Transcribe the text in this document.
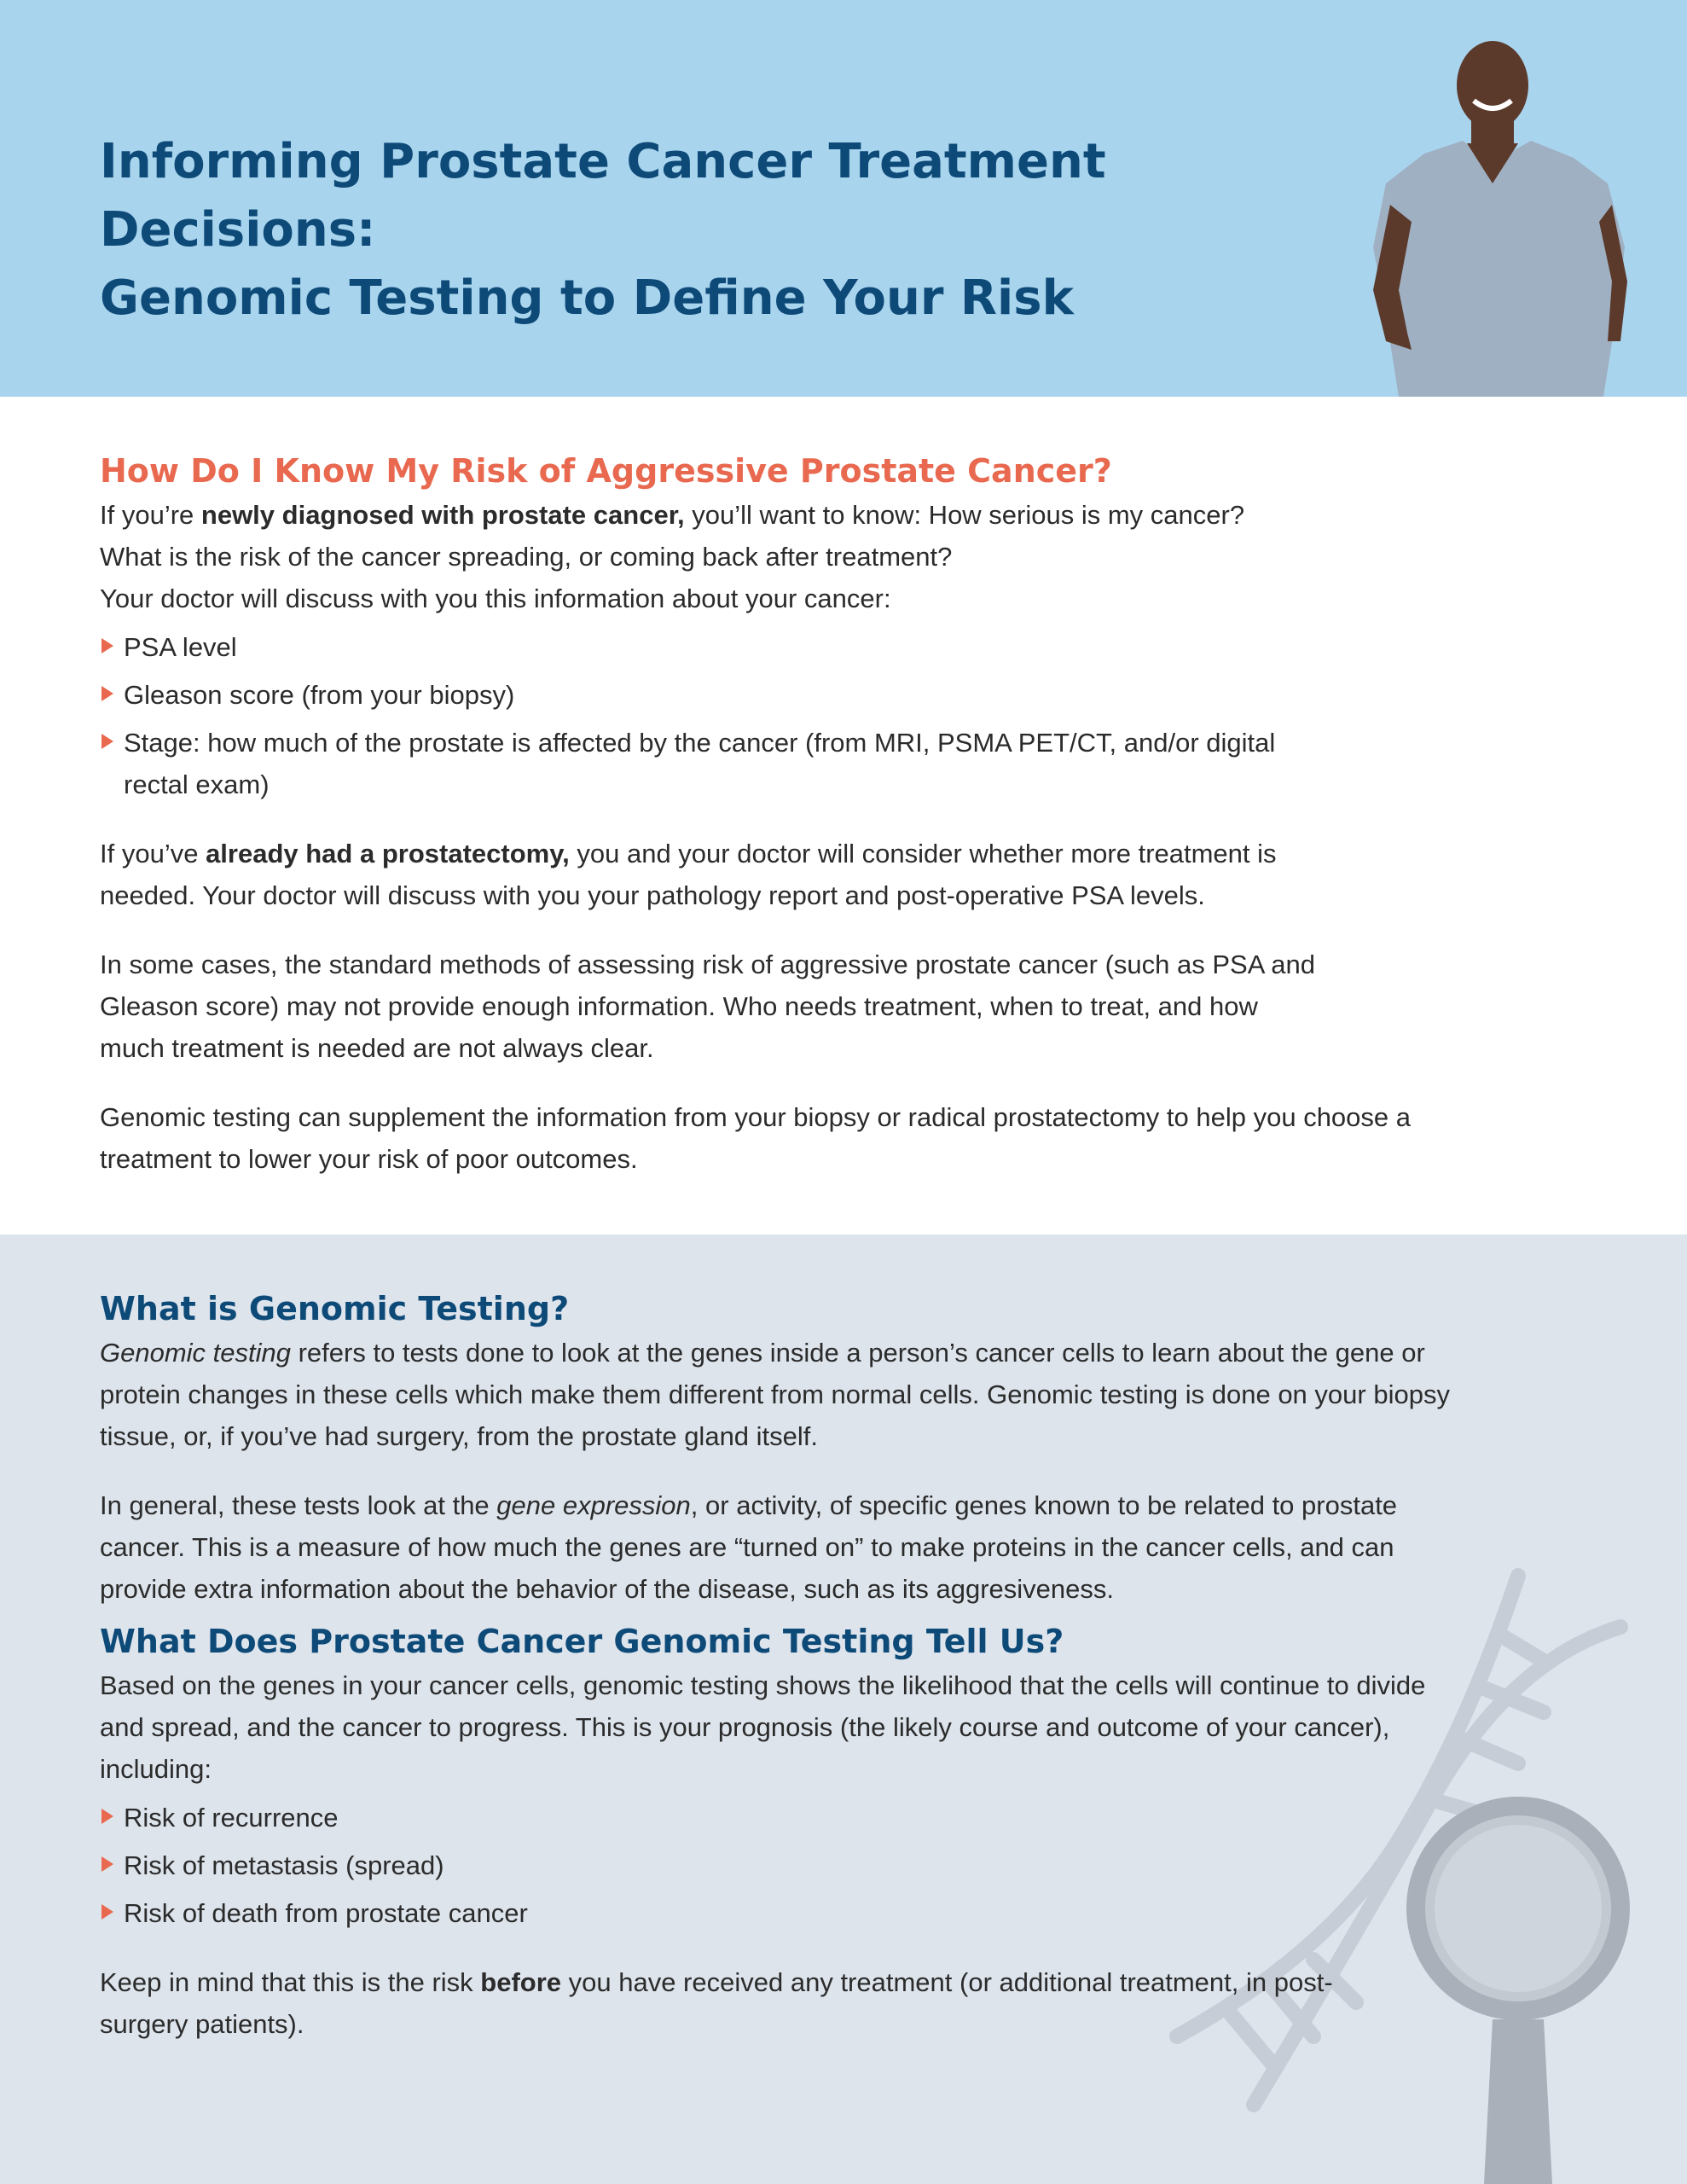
Informing Prostate Cancer Treatment Decisions:
Genomic Testing to Define Your Risk
How Do I Know My Risk of Aggressive Prostate Cancer?

If you’re newly diagnosed with prostate cancer, you’ll want to know: How serious is my cancer?
What is the risk of the cancer spreading, or coming back after treatment?
Your doctor will discuss with you this information about your cancer:

PSA level
Gleason score (from your biopsy)
Stage: how much of the prostate is affected by the cancer (from MRI, PSMA PET/CT, and/or digital rectal exam)

If you’ve already had a prostatectomy, you and your doctor will consider whether more treatment is needed. Your doctor will discuss with you your pathology report and post-operative PSA levels.

In some cases, the standard methods of assessing risk of aggressive prostate cancer (such as PSA and Gleason score) may not provide enough information. Who needs treatment, when to treat, and how much treatment is needed are not always clear.

Genomic testing can supplement the information from your biopsy or radical prostatectomy to help you choose a treatment to lower your risk of poor outcomes.

What is Genomic Testing?

Genomic testing refers to tests done to look at the genes inside a person’s cancer cells to learn about the gene or protein changes in these cells which make them different from normal cells. Genomic testing is done on your biopsy tissue, or, if you’ve had surgery, from the prostate gland itself.

In general, these tests look at the gene expression, or activity, of specific genes known to be related to prostate cancer. This is a measure of how much the genes are “turned on” to make proteins in the cancer cells, and can provide extra information about the behavior of the disease, such as its aggresiveness.

What Does Prostate Cancer Genomic Testing Tell Us?

Based on the genes in your cancer cells, genomic testing shows the likelihood that the cells will continue to divide and spread, and the cancer to progress. This is your prognosis (the likely course and outcome of your cancer), including:

Risk of recurrence
Risk of metastasis (spread)
Risk of death from prostate cancer

Keep in mind that this is the risk before you have received any treatment (or additional treatment, in post-surgery patients).
